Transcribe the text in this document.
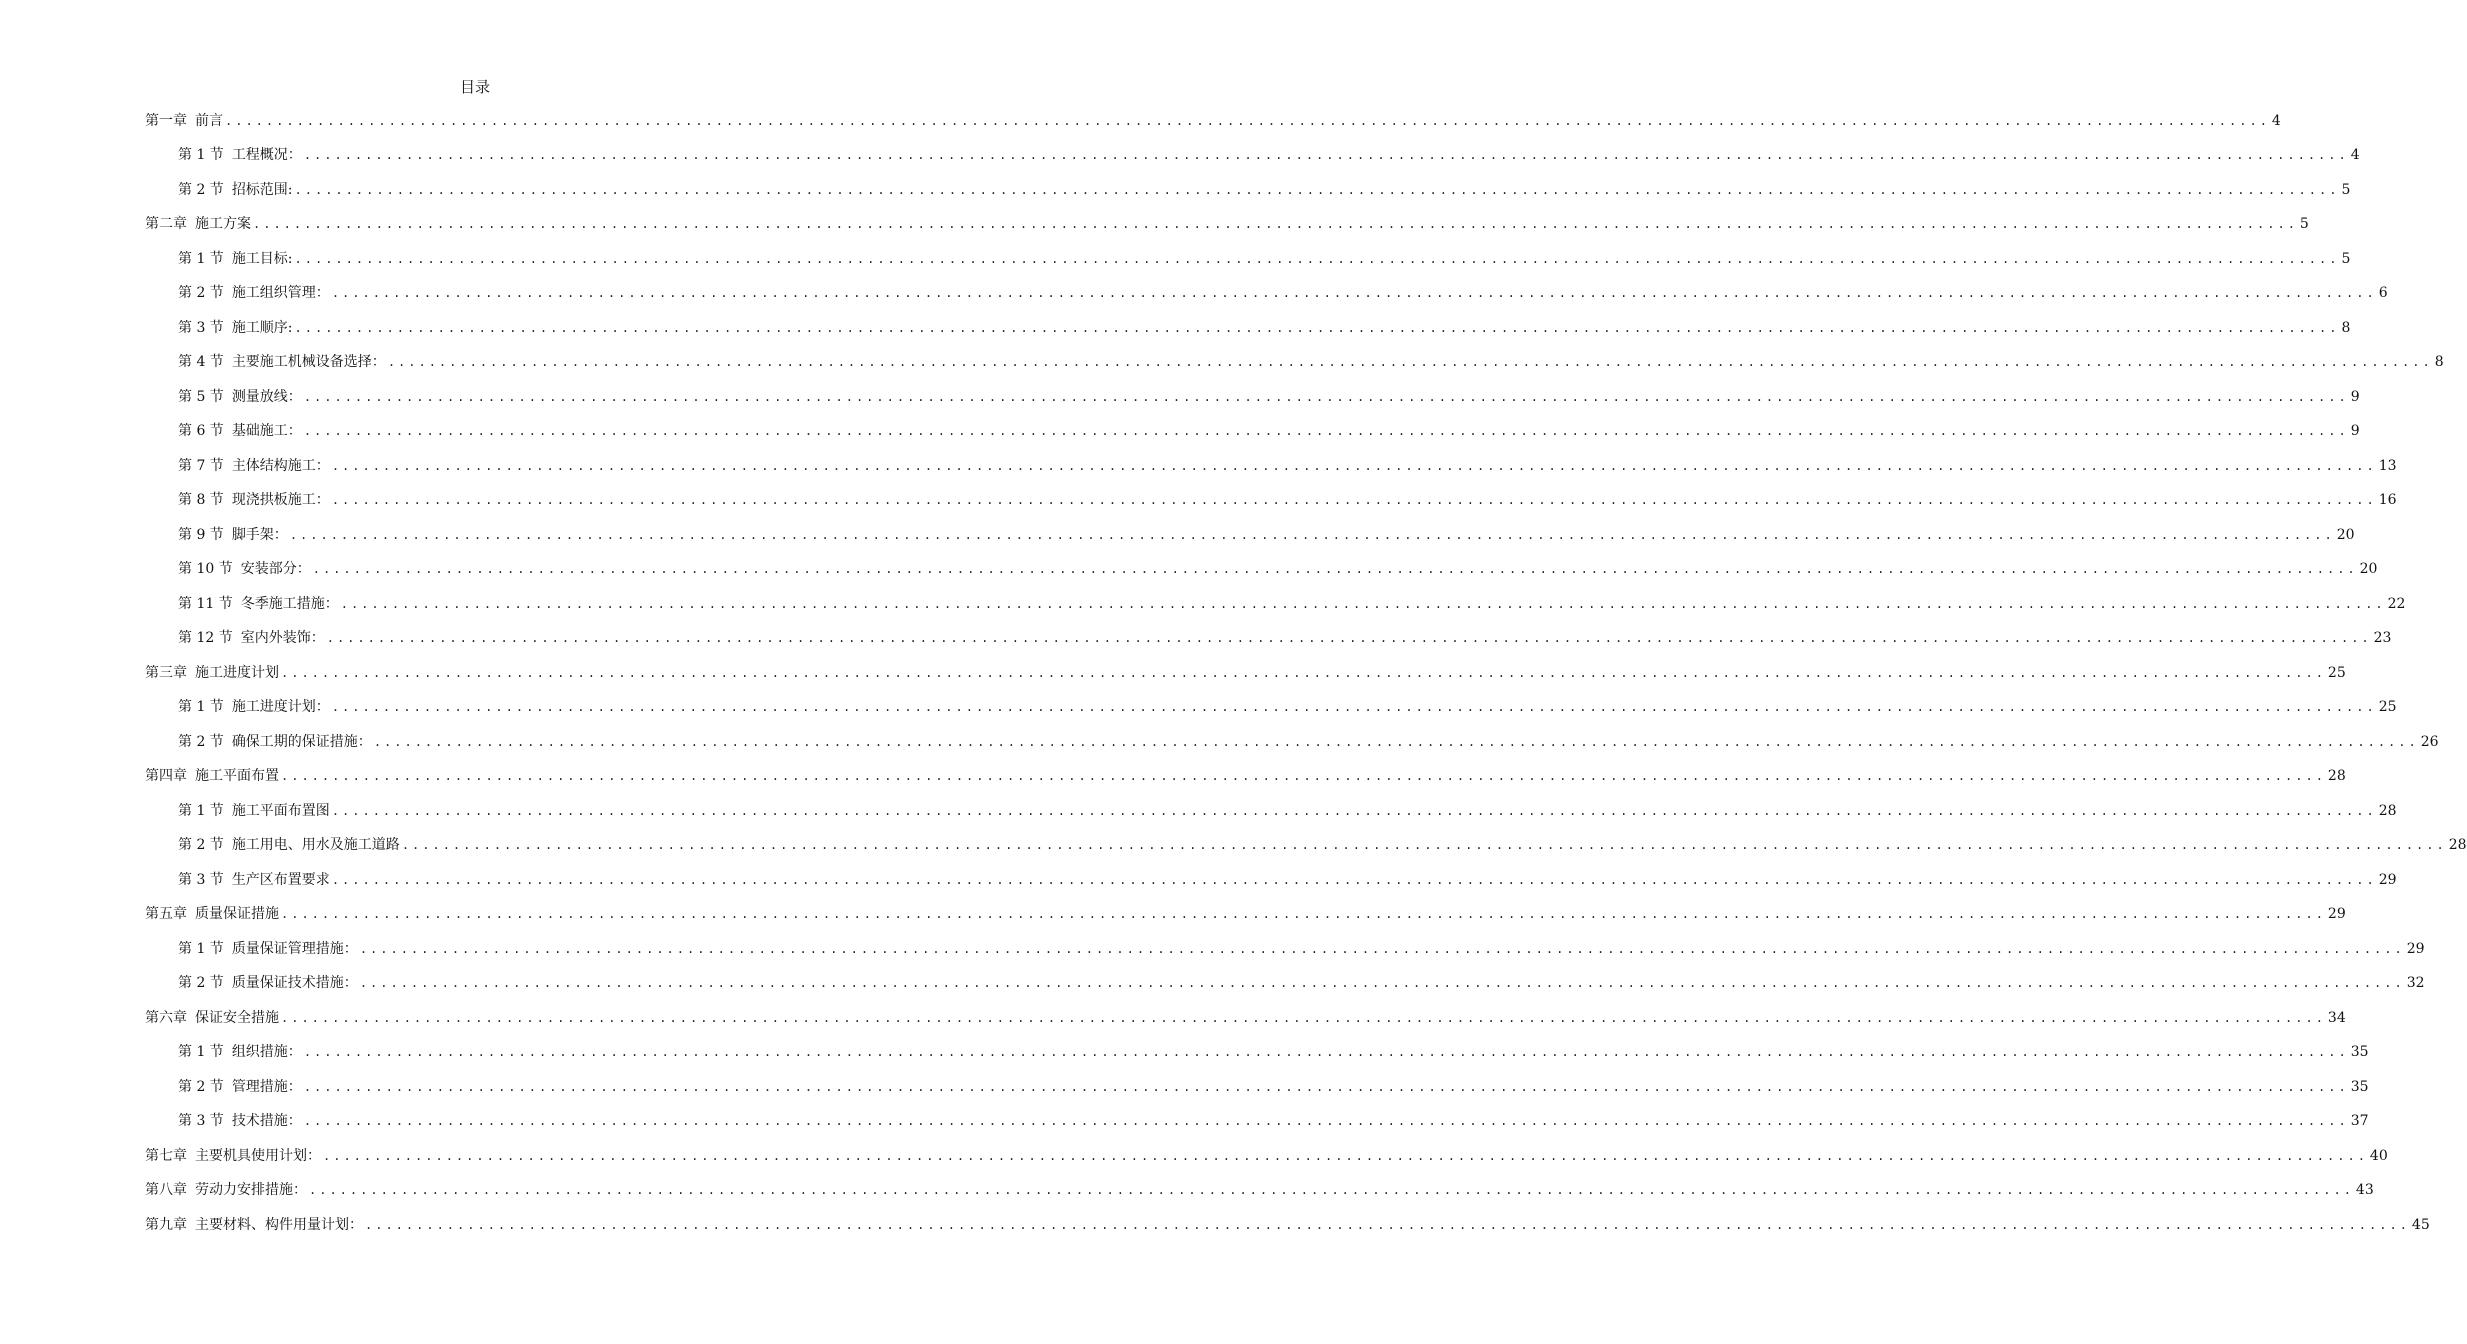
目录
第一章 前言 ........................................................................................................................................................................................................ 4
第 1 节 工程概况： ........................................................................................................................................................................................................ 4
第 2 节 招标范围: ........................................................................................................................................................................................................ 5
第二章 施工方案 ........................................................................................................................................................................................................ 5
第 1 节 施工目标: ........................................................................................................................................................................................................ 5
第 2 节 施工组织管理： ........................................................................................................................................................................................................ 6
第 3 节 施工顺序: ........................................................................................................................................................................................................ 8
第 4 节 主要施工机械设备选择： ........................................................................................................................................................................................................ 8
第 5 节 测量放线： ........................................................................................................................................................................................................ 9
第 6 节 基础施工： ........................................................................................................................................................................................................ 9
第 7 节 主体结构施工： ........................................................................................................................................................................................................ 13
第 8 节 现浇拱板施工： ........................................................................................................................................................................................................ 16
第 9 节 脚手架： ........................................................................................................................................................................................................ 20
第 10 节 安装部分： ........................................................................................................................................................................................................ 20
第 11 节 冬季施工措施： ........................................................................................................................................................................................................ 22
第 12 节 室内外装饰： ........................................................................................................................................................................................................ 23
第三章 施工进度计划 ........................................................................................................................................................................................................ 25
第 1 节 施工进度计划： ........................................................................................................................................................................................................ 25
第 2 节 确保工期的保证措施： ........................................................................................................................................................................................................ 26
第四章 施工平面布置 ........................................................................................................................................................................................................ 28
第 1 节 施工平面布置图 ........................................................................................................................................................................................................ 28
第 2 节 施工用电、用水及施工道路 ........................................................................................................................................................................................................ 28
第 3 节 生产区布置要求 ........................................................................................................................................................................................................ 29
第五章 质量保证措施 ........................................................................................................................................................................................................ 29
第 1 节 质量保证管理措施： ........................................................................................................................................................................................................ 29
第 2 节 质量保证技术措施： ........................................................................................................................................................................................................ 32
第六章 保证安全措施 ........................................................................................................................................................................................................ 34
第 1 节 组织措施： ........................................................................................................................................................................................................ 35
第 2 节 管理措施： ........................................................................................................................................................................................................ 35
第 3 节 技术措施： ........................................................................................................................................................................................................ 37
第七章 主要机具使用计划： ........................................................................................................................................................................................................ 40
第八章 劳动力安排措施： ........................................................................................................................................................................................................ 43
第九章 主要材料、构件用量计划： ........................................................................................................................................................................................................ 45
